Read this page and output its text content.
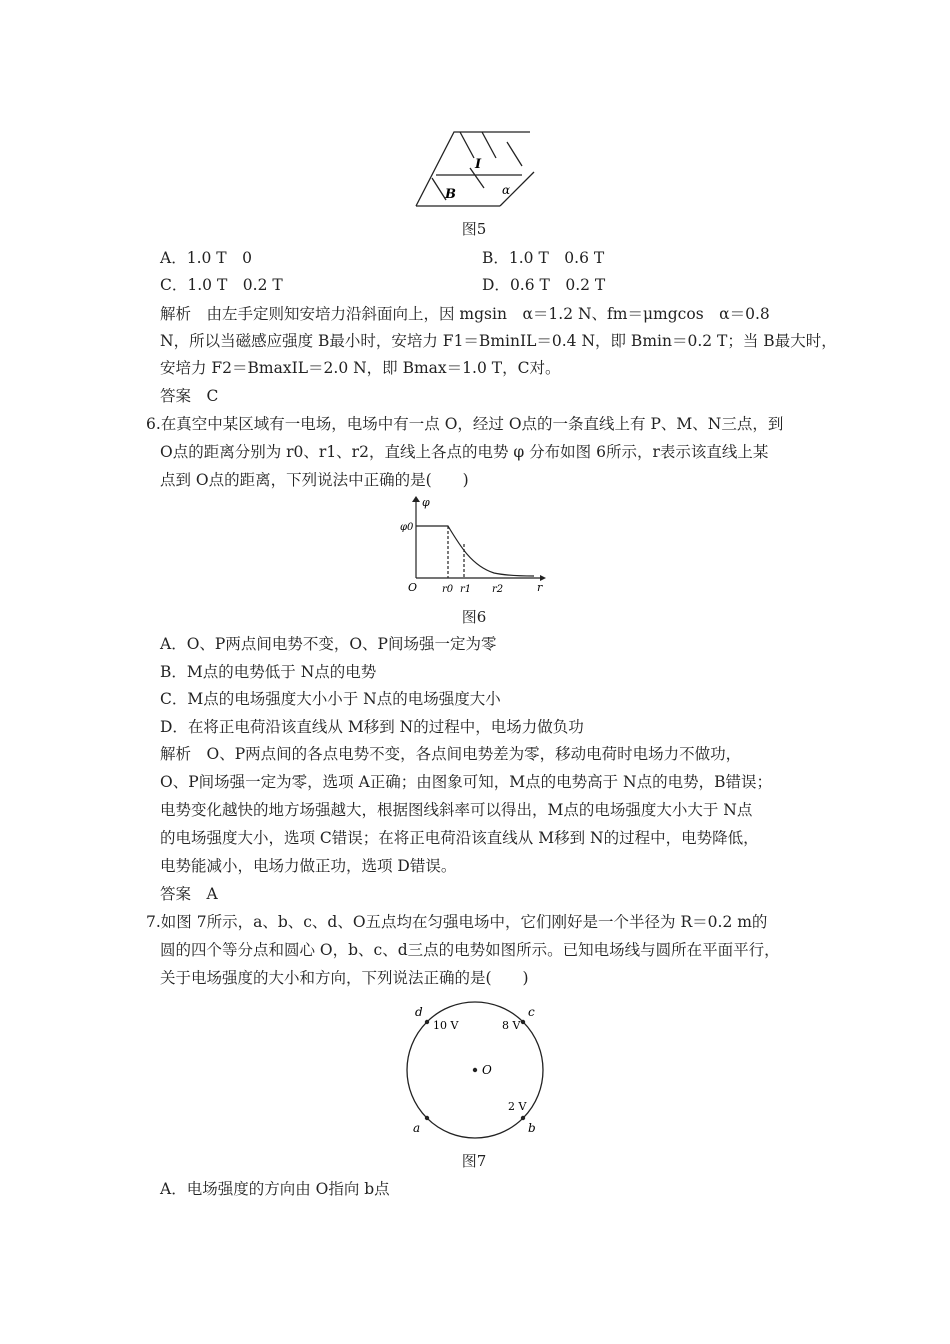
I
B	α
图5
A．1.0 T　0	B．1.0 T　0.6 T
C．1.0 T　0.2 T	D．0.6 T　0.2 T
解析　由左手定则知安培力沿斜面向上，因 mgsin　α＝1.2 N、fm＝μmgcos　α＝0.8
N，所以当磁感应强度 B最小时，安培力 F1＝BminIL＝0.4 N，即 Bmin＝0.2 T；当 B最大时，
安培力 F2＝BmaxIL＝2.0 N，即 Bmax＝1.0 T，C对。
答案　C
6.在真空中某区域有一电场，电场中有一点 O，经过 O点的一条直线上有 P、M、N三点，到
O点的距离分别为 r0、r1、r2，直线上各点的电势 φ 分布如图 6所示，r表示该直线上某
点到 O点的距离，下列说法中正确的是(　　)
φ
φ0
O r0 r1 r2	r
图6
A．O、P两点间电势不变，O、P间场强一定为零
B．M点的电势低于 N点的电势
C．M点的电场强度大小小于 N点的电场强度大小
D．在将正电荷沿该直线从 M移到 N的过程中，电场力做负功
解析　O、P两点间的各点电势不变，各点间电势差为零，移动电荷时电场力不做功，
O、P间场强一定为零，选项 A正确；由图象可知，M点的电势高于 N点的电势，B错误；
电势变化越快的地方场强越大，根据图线斜率可以得出，M点的电场强度大小大于 N点
的电场强度大小，选项 C错误；在将正电荷沿该直线从 M移到 N的过程中，电势降低，
电势能减小，电场力做正功，选项 D错误。
答案　A
7.如图 7所示，a、b、c、d、O五点均在匀强电场中，它们刚好是一个半径为 R＝0.2 m的
圆的四个等分点和圆心 O，b、c、d三点的电势如图所示。已知电场线与圆所在平面平行，
关于电场强度的大小和方向，下列说法正确的是(　　)
d	c
a	b
O
10 V	8 V
2 V
图7
A．电场强度的方向由 O指向 b点
